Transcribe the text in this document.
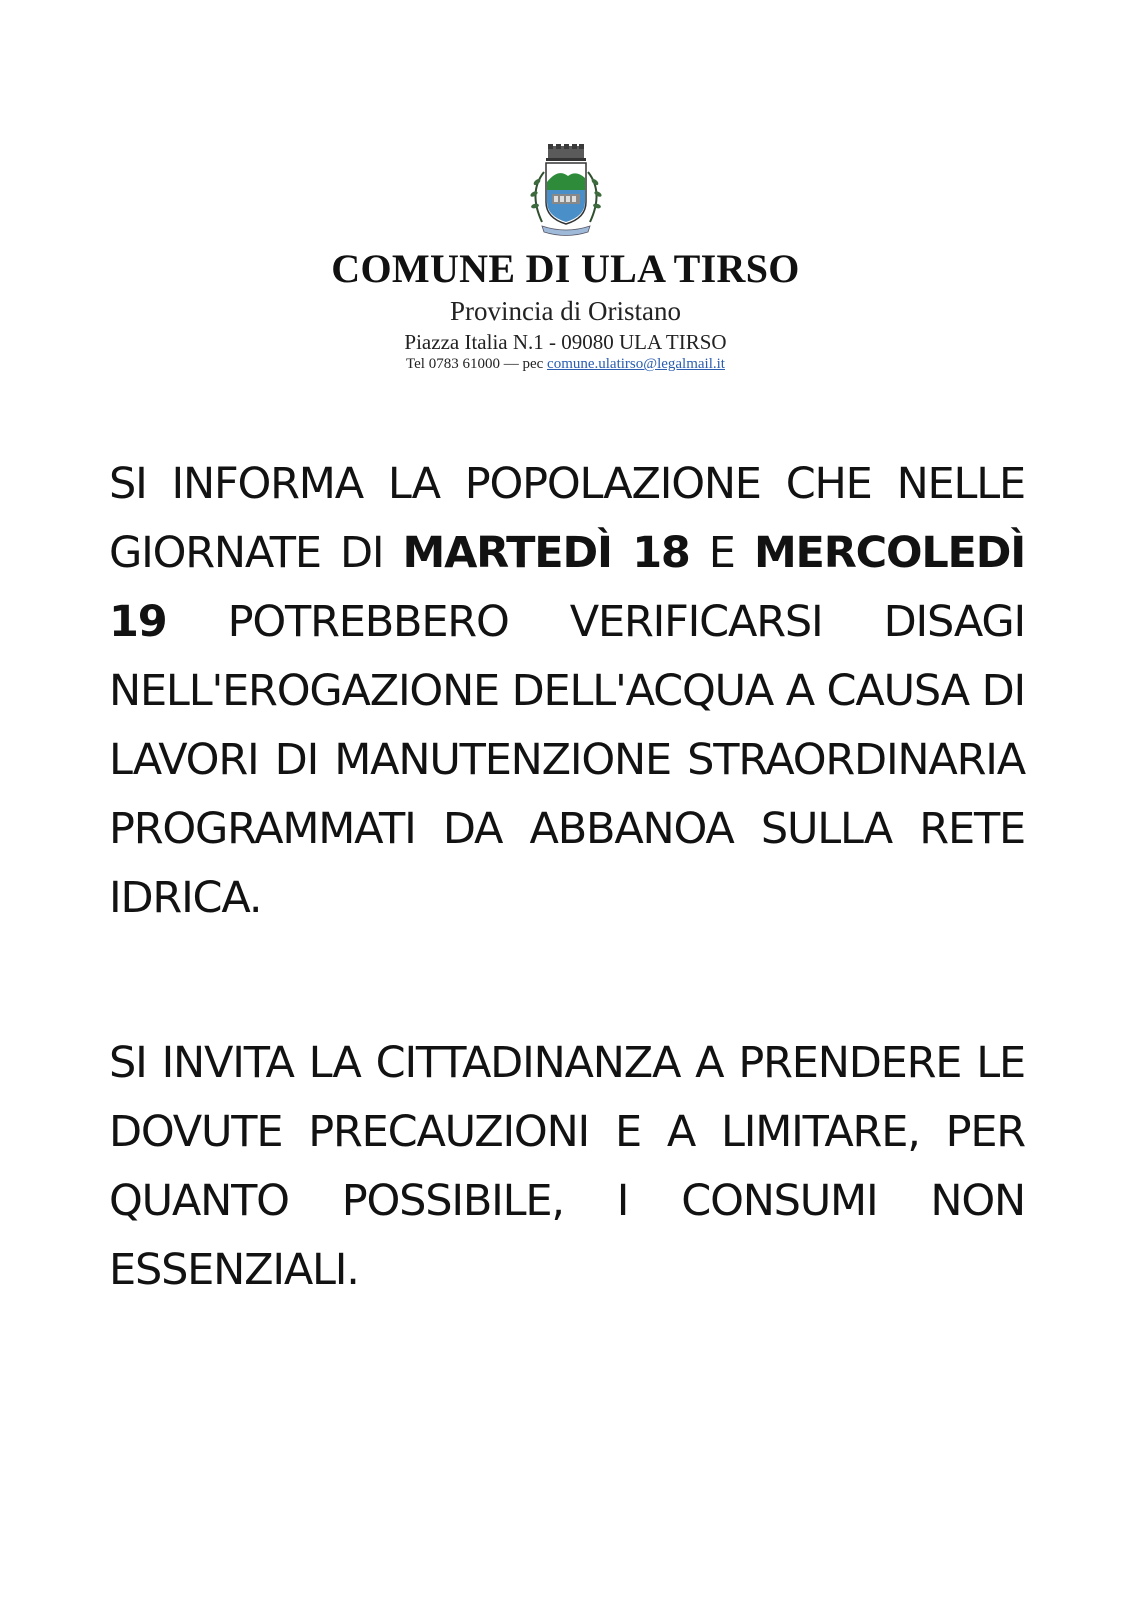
COMUNE DI ULA TIRSO
Provincia di Oristano
Piazza Italia N.1 - 09080 ULA TIRSO
Tel 0783 61000 — pec comune.ulatirso@legalmail.it

SI INFORMA LA POPOLAZIONE CHE NELLE GIORNATE DI MARTEDÌ 18 E MERCOLEDÌ 19 POTREBBERO VERIFICARSI DISAGI NELL'EROGAZIONE DELL'ACQUA A CAUSA DI LAVORI DI MANUTENZIONE STRAORDINARIA PROGRAMMATI DA ABBANOA SULLA RETE IDRICA.

SI INVITA LA CITTADINANZA A PRENDERE LE DOVUTE PRECAUZIONI E A LIMITARE, PER QUANTO POSSIBILE, I CONSUMI NON ESSENZIALI.
